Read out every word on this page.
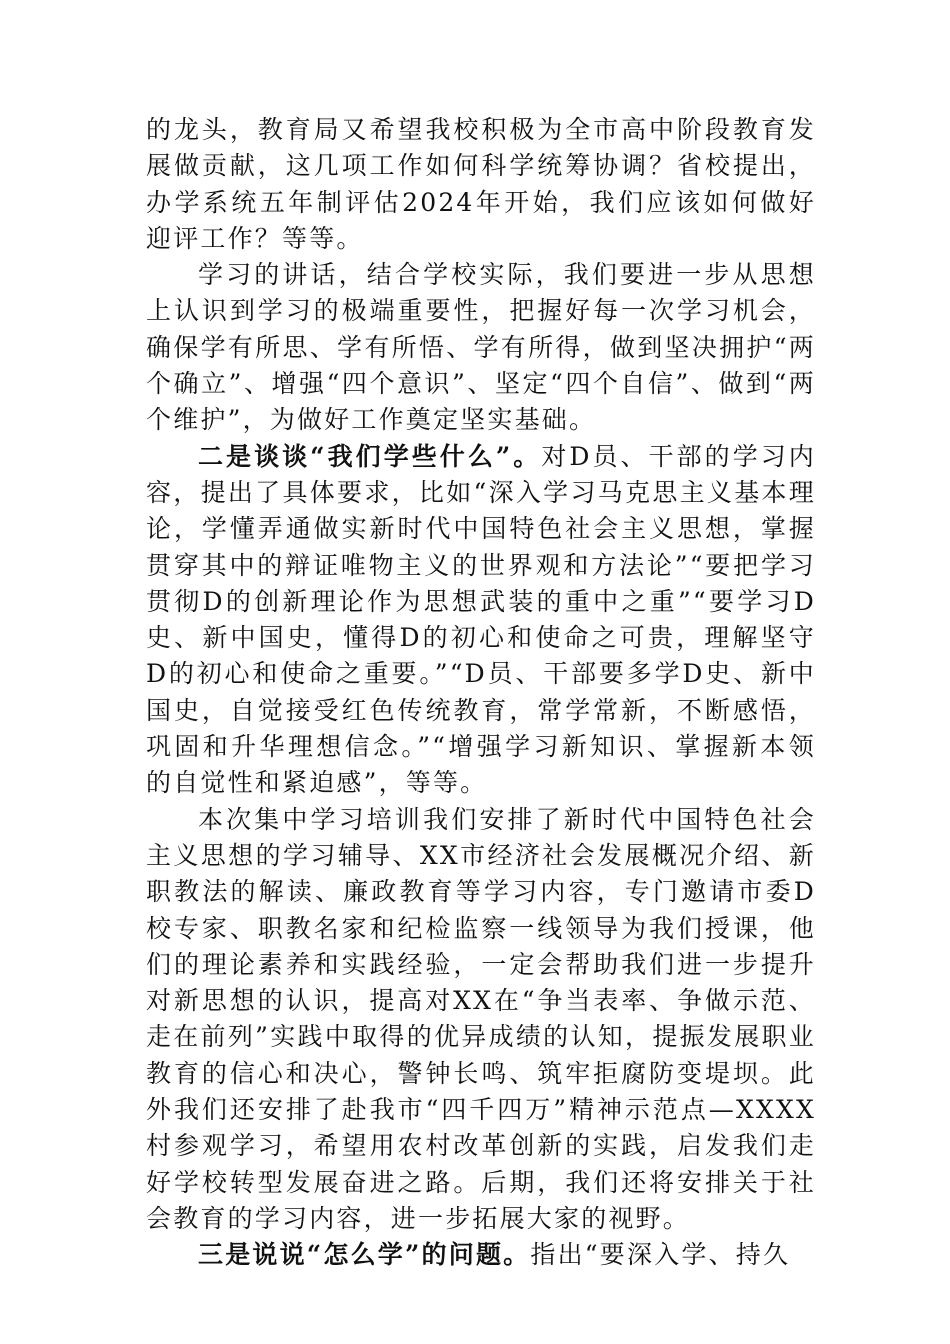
的龙头，教育局又希望我校积极为全市高中阶段教育发展做贡献，这几项工作如何科学统筹协调？省校提出，办学系统五年制评估2024年开始，我们应该如何做好迎评工作？等等。

学习的讲话，结合学校实际，我们要进一步从思想上认识到学习的极端重要性，把握好每一次学习机会，确保学有所思、学有所悟、学有所得，做到坚决拥护“两个确立”、增强“四个意识”、坚定“四个自信”、做到“两个维护”，为做好工作奠定坚实基础。

二是谈谈“我们学些什么”。对D员、干部的学习内容，提出了具体要求，比如“深入学习马克思主义基本理论，学懂弄通做实新时代中国特色社会主义思想，掌握贯穿其中的辩证唯物主义的世界观和方法论”“要把学习贯彻D的创新理论作为思想武装的重中之重”“要学习D史、新中国史，懂得D的初心和使命之可贵，理解坚守D的初心和使命之重要。”“D员、干部要多学D史、新中国史，自觉接受红色传统教育，常学常新，不断感悟，巩固和升华理想信念。”“增强学习新知识、掌握新本领的自觉性和紧迫感”，等等。

本次集中学习培训我们安排了新时代中国特色社会主义思想的学习辅导、XX市经济社会发展概况介绍、新职教法的解读、廉政教育等学习内容，专门邀请市委D校专家、职教名家和纪检监察一线领导为我们授课，他们的理论素养和实践经验，一定会帮助我们进一步提升对新思想的认识，提高对XX在“争当表率、争做示范、走在前列”实践中取得的优异成绩的认知，提振发展职业教育的信心和决心，警钟长鸣、筑牢拒腐防变堤坝。此外我们还安排了赴我市“四千四万”精神示范点—XXXX村参观学习，希望用农村改革创新的实践，启发我们走好学校转型发展奋进之路。后期，我们还将安排关于社会教育的学习内容，进一步拓展大家的视野。

三是说说“怎么学”的问题。指出“要深入学、持久
